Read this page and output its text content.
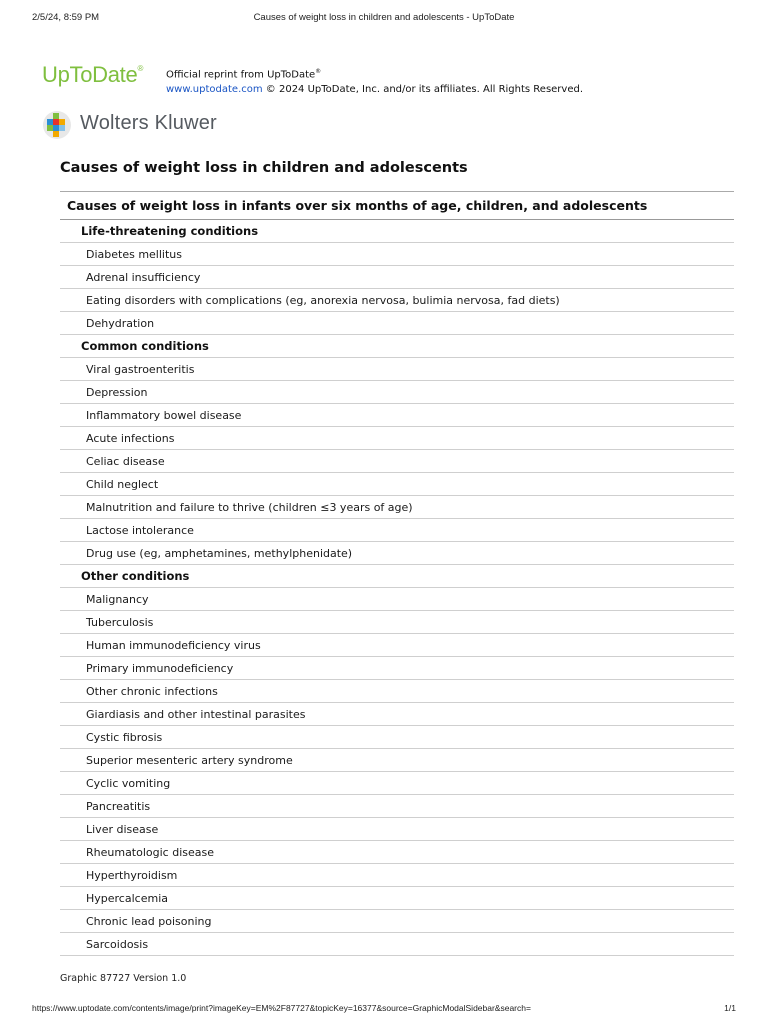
2/5/24, 8:59 PM	Causes of weight loss in children and adolescents - UpToDate
UpToDate®
Official reprint from UpToDate®
www.uptodate.com © 2024 UpToDate, Inc. and/or its affiliates. All Rights Reserved.
Wolters Kluwer
Causes of weight loss in children and adolescents
Causes of weight loss in infants over six months of age, children, and adolescents
Life-threatening conditions
Diabetes mellitus
Adrenal insufficiency
Eating disorders with complications (eg, anorexia nervosa, bulimia nervosa, fad diets)
Dehydration
Common conditions
Viral gastroenteritis
Depression
Inflammatory bowel disease
Acute infections
Celiac disease
Child neglect
Malnutrition and failure to thrive (children ≤3 years of age)
Lactose intolerance
Drug use (eg, amphetamines, methylphenidate)
Other conditions
Malignancy
Tuberculosis
Human immunodeficiency virus
Primary immunodeficiency
Other chronic infections
Giardiasis and other intestinal parasites
Cystic fibrosis
Superior mesenteric artery syndrome
Cyclic vomiting
Pancreatitis
Liver disease
Rheumatologic disease
Hyperthyroidism
Hypercalcemia
Chronic lead poisoning
Sarcoidosis
Graphic 87727 Version 1.0
https://www.uptodate.com/contents/image/print?imageKey=EM%2F87727&topicKey=16377&source=GraphicModalSidebar&search=	1/1
